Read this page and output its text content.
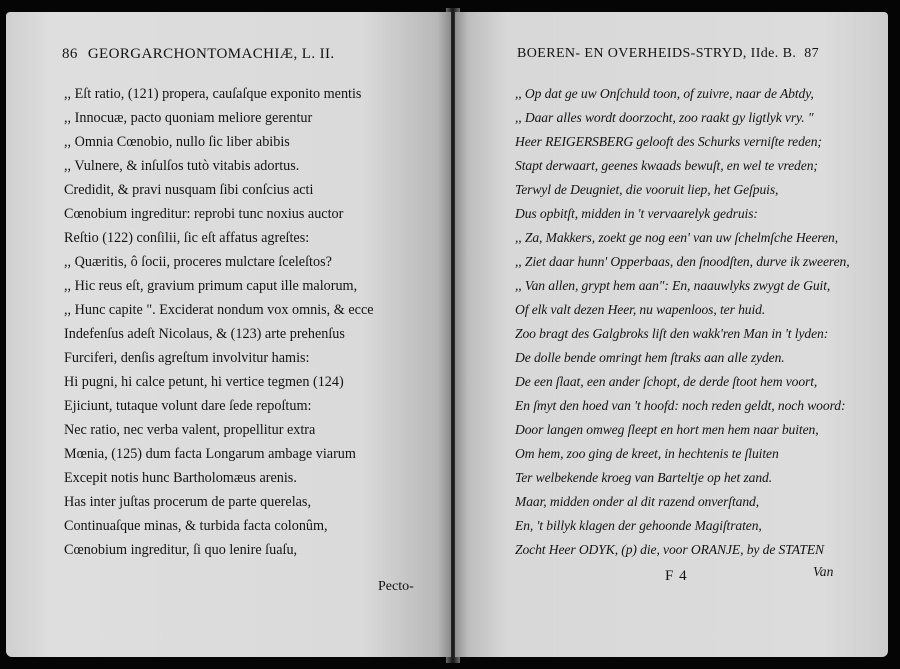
86 GEORGARCHONTOMACHIÆ, L. II.
,, Eſt ratio, (121) propera, cauſaſque exponito mentis
,, Innocuæ, pacto quoniam meliore gerentur
,, Omnia Cœnobio, nullo ſic liber abibis
,, Vulnere, & inſulſos tutò vitabis adortus.
Credidit, & pravi nusquam ſibi conſcius acti
Cœnobium ingreditur: reprobi tunc noxius auctor
Reſtio (122) conſilii, ſic eſt affatus agreſtes:
,, Quæritis, ô ſocii, proceres mulctare ſceleſtos?
,, Hic reus eſt, gravium primum caput ille malorum,
,, Hunc capite ". Exciderat nondum vox omnis, & ecce
Indefenſus adeſt Nicolaus, & (123) arte prehenſus
Furciferi, denſis agreſtum involvitur hamis:
Hi pugni, hi calce petunt, hi vertice tegmen (124)
Ejiciunt, tutaque volunt dare ſede repoſtum:
Nec ratio, nec verba valent, propellitur extra
Mœnia, (125) dum facta Longarum ambage viarum
Excepit notis hunc Bartholomæus arenis.
Has inter juſtas procerum de parte querelas,
Continuaſque minas, & turbida facta colonûm,
Cœnobium ingreditur, ſi quo lenire ſuaſu,
Pecto-
BOEREN- EN OVERHEIDS-STRYD, IIde. B. 87
,, Op dat ge uw Onſchuld toon, of zuivre, naar de Abtdy,
,, Daar alles wordt doorzocht, zoo raakt gy ligtlyk vry. "
Heer REIGERSBERG gelooft des Schurks verniſte reden;
Stapt derwaart, geenes kwaads bewuſt, en wel te vreden;
Terwyl de Deugniet, die vooruit liep, het Geſpuis,
Dus opbitſt, midden in 't vervaarelyk gedruis:
,, Za, Makkers, zoekt ge nog een' van uw ſchelmſche Heeren,
,, Ziet daar hunn' Opperbaas, den ſnoodſten, durve ik zweeren,
,, Van allen, grypt hem aan": En, naauwlyks zwygt de Guit,
Of elk valt dezen Heer, nu wapenloos, ter huid.
Zoo bragt des Galgbroks liſt den wakk'ren Man in 't lyden:
De dolle bende omringt hem ſtraks aan alle zyden.
De een ſlaat, een ander ſchopt, de derde ſtoot hem voort,
En ſmyt den hoed van 't hoofd: noch reden geldt, noch woord:
Door langen omweg ſleept en hort men hem naar buiten,
Om hem, zoo ging de kreet, in hechtenis te ſluiten
Ter welbekende kroeg van Barteltje op het zand.
Maar, midden onder al dit razend onverſtand,
En, 't billyk klagen der gehoonde Magiſtraten,
Zocht Heer ODYK, (p) die, voor ORANJE, by de STATEN
F 4	Van
